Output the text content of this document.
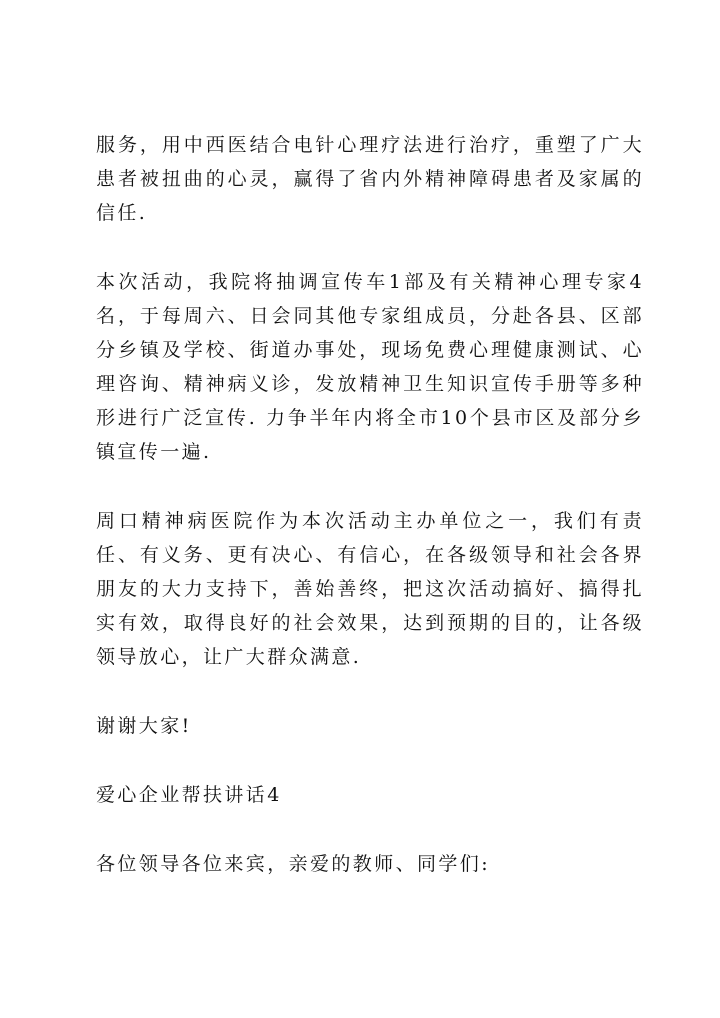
服务，用中西医结合电针心理疗法进行治疗，重塑了广大患者被扭曲的心灵，赢得了省内外精神障碍患者及家属的信任.

本次活动，我院将抽调宣传车1部及有关精神心理专家4名，于每周六、日会同其他专家组成员，分赴各县、区部分乡镇及学校、街道办事处，现场免费心理健康测试、心理咨询、精神病义诊，发放精神卫生知识宣传手册等多种形进行广泛宣传. 力争半年内将全市10个县市区及部分乡镇宣传一遍.

周口精神病医院作为本次活动主办单位之一，我们有责任、有义务、更有决心、有信心，在各级领导和社会各界朋友的大力支持下，善始善终，把这次活动搞好、搞得扎实有效，取得良好的社会效果，达到预期的目的，让各级领导放心，让广大群众满意.

谢谢大家!

爱心企业帮扶讲话4

各位领导各位来宾，亲爱的教师、同学们:
